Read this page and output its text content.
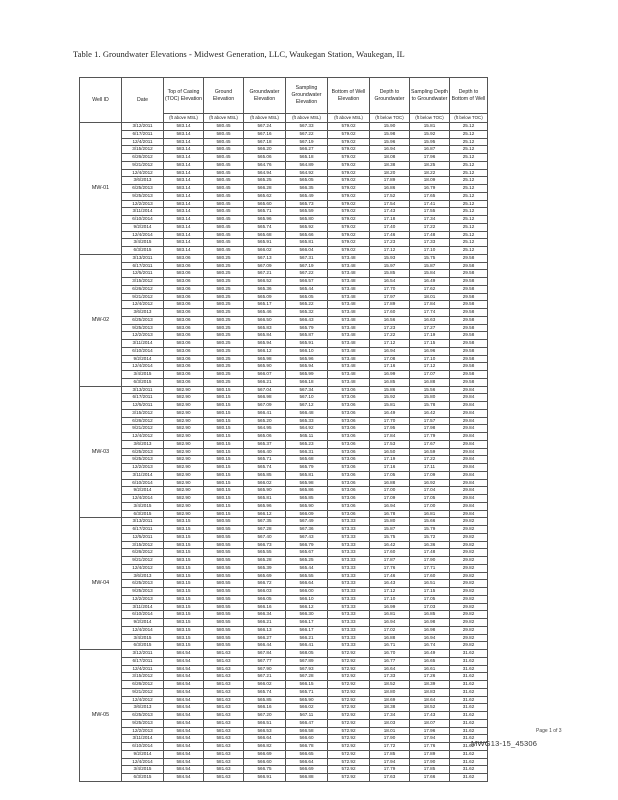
Table 1. Groundwater Elevations - Midwest Generation, LLC, Waukegan Station, Waukegan, IL
Well ID	Date	Top of Casing (TOC) Elevation	Ground Elevation	Groundwater Elevation	Sampling Groundwater Elevation	Bottom of Well Elevation	Depth to Groundwater	Sampling Depth to Groundwater	Depth to Bottom of Well
		(ft above MSL)	(ft above MSL)	(ft above MSL)	(ft above MSL)	(ft above MSL)	(ft below TOC)	(ft below TOC)	(ft below TOC)
MW-01	3/12/2011	583.14	580.45	567.24	567.33	579.02	15.90	15.81	25.12
	6/17/2011	583.14	580.45	567.16	567.22	579.02	15.98	15.92	25.12
	12/4/2011	583.14	580.45	567.18	567.19	579.02	15.96	15.95	25.12
	3/15/2012	583.14	580.45	566.20	566.27	579.02	16.94	16.87	25.12
	6/26/2012	583.14	580.45	565.06	565.18	579.02	18.08	17.96	25.12
	9/21/2012	583.14	580.45	564.76	564.89	579.02	18.38	18.25	25.12
	12/4/2012	583.14	580.45	564.94	564.92	579.02	18.20	18.22	25.12
	3/6/2013	583.14	580.45	565.25	565.05	579.02	17.89	18.09	25.12
	6/25/2013	583.14	580.45	566.28	566.35	579.02	16.86	16.79	25.12
	9/25/2013	583.14	580.45	565.62	565.49	579.02	17.52	17.65	25.12
	12/2/2013	583.14	580.45	565.60	565.73	579.02	17.54	17.41	25.12
	3/11/2014	583.14	580.45	565.71	565.59	579.02	17.43	17.55	25.12
	6/10/2014	583.14	580.45	565.96	565.80	579.02	17.18	17.34	25.12
	9/2/2014	583.14	580.45	565.74	565.92	579.02	17.40	17.22	25.12
	12/4/2014	583.14	580.45	565.68	565.66	579.02	17.46	17.48	25.12
	3/4/2015	583.14	580.45	565.91	565.81	579.02	17.23	17.33	25.12
	6/3/2015	583.14	580.45	566.02	566.04	579.02	17.12	17.10	25.12
MW-02	3/13/2011	583.06	580.25	567.13	567.31	573.48	15.93	15.75	29.58
	6/17/2011	583.06	580.25	567.09	567.19	573.48	15.97	15.87	29.58
	12/5/2011	583.06	580.25	567.21	567.22	573.48	15.85	15.84	29.58
	3/15/2012	583.06	580.25	566.52	566.57	573.48	16.54	16.49	29.58
	6/26/2012	583.06	580.25	565.36	565.44	573.48	17.70	17.62	29.58
	9/21/2012	583.06	580.25	565.09	565.05	573.48	17.97	18.01	29.58
	12/4/2012	583.06	580.25	565.17	565.22	573.48	17.89	17.84	29.58
	3/6/2013	583.06	580.25	565.46	565.32	573.48	17.60	17.74	29.58
	6/25/2013	583.06	580.25	566.50	566.43	573.48	16.56	16.63	29.58
	9/25/2013	583.06	580.25	565.83	565.79	573.48	17.23	17.27	29.58
	12/2/2013	583.06	580.25	565.84	565.87	573.48	17.22	17.19	29.58
	3/11/2014	583.06	580.25	565.94	565.91	573.48	17.12	17.15	29.58
	6/10/2014	583.06	580.25	566.12	566.10	573.48	16.94	16.96	29.58
	9/2/2014	583.06	580.25	565.98	565.96	573.48	17.08	17.10	29.58
	12/4/2014	583.06	580.25	565.90	565.94	573.48	17.16	17.12	29.58
	3/4/2015	583.06	580.25	566.07	565.99	573.48	16.99	17.07	29.58
	6/3/2015	583.06	580.25	566.21	566.18	573.48	16.85	16.88	29.58
MW-03	3/13/2011	582.90	580.15	567.04	567.34	573.06	15.86	15.56	29.84
	6/17/2011	582.90	580.15	566.98	567.10	573.06	15.92	15.80	29.84
	12/5/2011	582.90	580.15	567.09	567.12	573.06	15.81	15.78	29.84
	3/15/2012	582.90	580.15	566.41	566.48	573.06	16.49	16.42	29.84
	6/26/2012	582.90	580.15	565.20	565.33	573.06	17.70	17.57	29.84
	9/21/2012	582.90	580.15	564.95	564.92	573.06	17.95	17.98	29.84
	12/4/2012	582.90	580.15	565.06	565.11	573.06	17.84	17.79	29.84
	3/6/2013	582.90	580.15	565.37	565.23	573.06	17.53	17.67	29.84
	6/25/2013	582.90	580.15	566.40	566.31	573.06	16.50	16.59	29.84
	9/25/2013	582.90	580.15	565.71	565.68	573.06	17.19	17.22	29.84
	12/2/2013	582.90	580.15	565.74	565.79	573.06	17.16	17.11	29.84
	3/11/2014	582.90	580.15	565.85	565.81	573.06	17.05	17.09	29.84
	6/10/2014	582.90	580.15	566.02	565.98	573.06	16.88	16.92	29.84
	9/2/2014	582.90	580.15	565.90	565.86	573.06	17.00	17.04	29.84
	12/4/2014	582.90	580.15	565.81	565.85	573.06	17.09	17.05	29.84
	3/4/2015	582.90	580.15	565.96	565.90	573.06	16.94	17.00	29.84
	6/3/2015	582.90	580.15	566.12	566.09	573.06	16.78	16.81	29.84
MW-04	3/13/2011	583.15	580.55	567.35	567.49	573.33	15.80	15.66	29.82
	6/17/2011	583.15	580.55	567.28	567.36	573.33	15.87	15.79	29.82
	12/5/2011	583.15	580.55	567.40	567.43	573.33	15.75	15.72	29.82
	3/15/2012	583.15	580.55	566.73	566.79	573.33	16.42	16.36	29.82
	6/26/2012	583.15	580.55	565.55	565.67	573.33	17.60	17.48	29.82
	9/21/2012	583.15	580.55	565.28	565.25	573.33	17.87	17.90	29.82
	12/4/2012	583.15	580.55	565.39	565.44	573.33	17.76	17.71	29.82
	3/6/2013	583.15	580.55	565.69	565.55	573.33	17.46	17.60	29.82
	6/25/2013	583.15	580.55	566.72	566.64	573.33	16.43	16.51	29.82
	9/25/2013	583.15	580.55	566.03	566.00	573.33	17.12	17.15	29.82
	12/2/2013	583.15	580.55	566.05	566.10	573.33	17.10	17.05	29.82
	3/11/2014	583.15	580.55	566.16	566.12	573.33	16.99	17.03	29.82
	6/10/2014	583.15	580.55	566.34	566.30	573.33	16.81	16.85	29.82
	9/2/2014	583.15	580.55	566.21	566.17	573.33	16.94	16.98	29.82
	12/4/2014	583.15	580.55	566.13	566.17	573.33	17.02	16.98	29.82
	3/4/2015	583.15	580.55	566.27	566.21	573.33	16.88	16.94	29.82
	6/3/2015	583.15	580.55	566.44	566.41	573.33	16.71	16.74	29.82
MW-05	3/12/2011	584.54	581.63	567.84	568.05	572.92	16.70	16.49	31.62
	6/17/2011	584.54	581.63	567.77	567.89	572.92	16.77	16.65	31.62
	12/4/2011	584.54	581.63	567.90	567.93	572.92	16.64	16.61	31.62
	3/15/2012	584.54	581.63	567.21	567.28	572.92	17.33	17.26	31.62
	6/26/2012	584.54	581.63	566.02	566.15	572.92	18.52	18.39	31.62
	9/21/2012	584.54	581.63	565.74	565.71	572.92	18.80	18.83	31.62
	12/4/2012	584.54	581.63	565.85	565.90	572.92	18.69	18.64	31.62
	3/6/2013	584.54	581.63	566.16	566.02	572.92	18.38	18.52	31.62
	6/25/2013	584.54	581.63	567.20	567.11	572.92	17.34	17.43	31.62
	9/25/2013	584.54	581.63	566.51	566.47	572.92	18.03	18.07	31.62
	12/2/2013	584.54	581.63	566.53	566.58	572.92	18.01	17.96	31.62
	3/11/2014	584.54	581.63	566.64	566.60	572.92	17.90	17.94	31.62
	6/10/2014	584.54	581.63	566.82	566.78	572.92	17.72	17.76	31.62
	9/2/2014	584.54	581.63	566.69	566.65	572.92	17.85	17.89	31.62
	12/4/2014	584.54	581.63	566.60	566.64	572.92	17.94	17.90	31.62
	3/4/2015	584.54	581.63	566.75	566.69	572.92	17.79	17.85	31.62
	6/3/2015	584.54	581.63	566.91	566.88	572.92	17.63	17.66	31.62
Page 1 of 3
MWG13-15_45306
